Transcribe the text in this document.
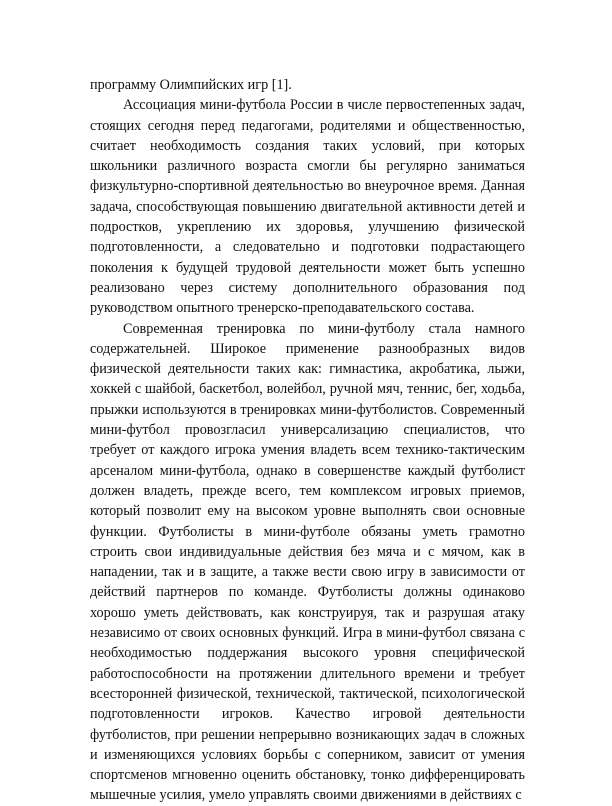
программу Олимпийских игр [1].

Ассоциация мини-футбола России в числе первостепенных задач, стоящих сегодня перед педагогами, родителями и общественностью, считает необходимость создания таких условий, при которых школьники различного возраста смогли бы регулярно заниматься физкультурно-спортивной деятельностью во внеурочное время. Данная задача, способствующая повышению двигательной активности детей и подростков, укреплению их здоровья, улучшению физической подготовленности, а следовательно и подготовки подрастающего поколения к будущей трудовой деятельности может быть успешно реализовано через систему дополнительного образования под руководством опытного тренерско-преподавательского состава.

Современная тренировка по мини-футболу стала намного содержательней. Широкое применение разнообразных видов физической деятельности таких как: гимнастика, акробатика, лыжи, хоккей с шайбой, баскетбол, волейбол, ручной мяч, теннис, бег, ходьба, прыжки используются в тренировках мини-футболистов. Современный мини-футбол провозгласил универсализацию специалистов, что требует от каждого игрока умения владеть всем технико-тактическим арсеналом мини-футбола, однако в совершенстве каждый футболист должен владеть, прежде всего, тем комплексом игровых приемов, который позволит ему на высоком уровне выполнять свои основные функции. Футболисты в мини-футболе обязаны уметь грамотно строить свои индивидуальные действия без мяча и с мячом, как в нападении, так и в защите, а также вести свою игру в зависимости от действий партнеров по команде. Футболисты должны одинаково хорошо уметь действовать, как конструируя, так и разрушая атаку независимо от своих основных функций. Игра в мини-футбол связана с необходимостью поддержания высокого уровня специфической работоспособности на протяжении длительного времени и требует всесторонней физической, технической, тактической, психологической подготовленности игроков. Качество игровой деятельности футболистов, при решении непрерывно возникающих задач в сложных и изменяющихся условиях борьбы с соперником, зависит от умения спортсменов мгновенно оценить обстановку, тонко дифференцировать мышечные усилия, умело управлять своими движениями в действиях с
